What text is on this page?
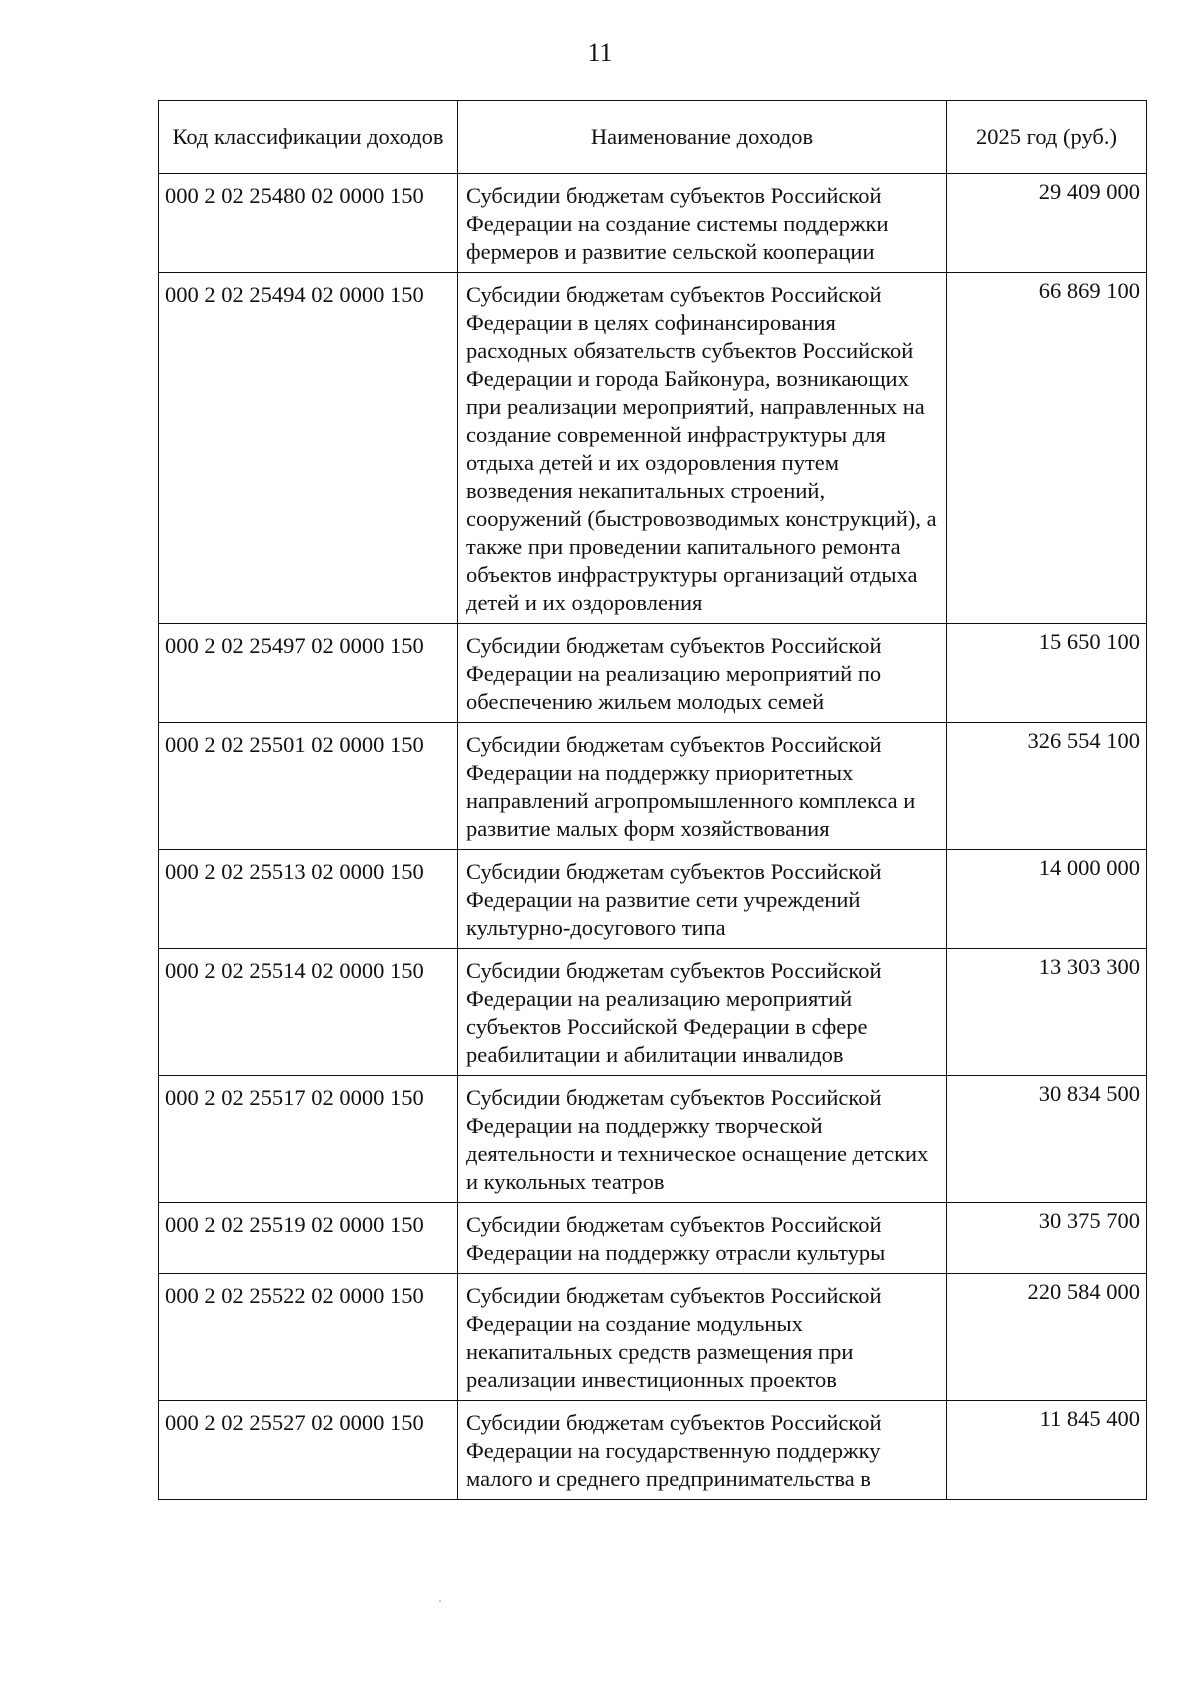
11
Код классификации доходов	Наименование доходов	2025 год (руб.)
000 2 02 25480 02 0000 150	Субсидии бюджетам субъектов Российской Федерации на создание системы поддержки фермеров и развитие сельской кооперации	29 409 000
000 2 02 25494 02 0000 150	Субсидии бюджетам субъектов Российской Федерации в целях софинансирования расходных обязательств субъектов Российской Федерации и города Байконура, возникающих при реализации мероприятий, направленных на создание современной инфраструктуры для отдыха детей и их оздоровления путем возведения некапитальных строений, сооружений (быстровозводимых конструкций), а также при проведении капитального ремонта объектов инфраструктуры организаций отдыха детей и их оздоровления	66 869 100
000 2 02 25497 02 0000 150	Субсидии бюджетам субъектов Российской Федерации на реализацию мероприятий по обеспечению жильем молодых семей	15 650 100
000 2 02 25501 02 0000 150	Субсидии бюджетам субъектов Российской Федерации на поддержку приоритетных направлений агропромышленного комплекса и развитие малых форм хозяйствования	326 554 100
000 2 02 25513 02 0000 150	Субсидии бюджетам субъектов Российской Федерации на развитие сети учреждений культурно-досугового типа	14 000 000
000 2 02 25514 02 0000 150	Субсидии бюджетам субъектов Российской Федерации на реализацию мероприятий субъектов Российской Федерации в сфере реабилитации и абилитации инвалидов	13 303 300
000 2 02 25517 02 0000 150	Субсидии бюджетам субъектов Российской Федерации на поддержку творческой деятельности и техническое оснащение детских и кукольных театров	30 834 500
000 2 02 25519 02 0000 150	Субсидии бюджетам субъектов Российской Федерации на поддержку отрасли культуры	30 375 700
000 2 02 25522 02 0000 150	Субсидии бюджетам субъектов Российской Федерации на создание модульных некапитальных средств размещения при реализации инвестиционных проектов	220 584 000
000 2 02 25527 02 0000 150	Субсидии бюджетам субъектов Российской Федерации на государственную поддержку малого и среднего предпринимательства в	11 845 400
